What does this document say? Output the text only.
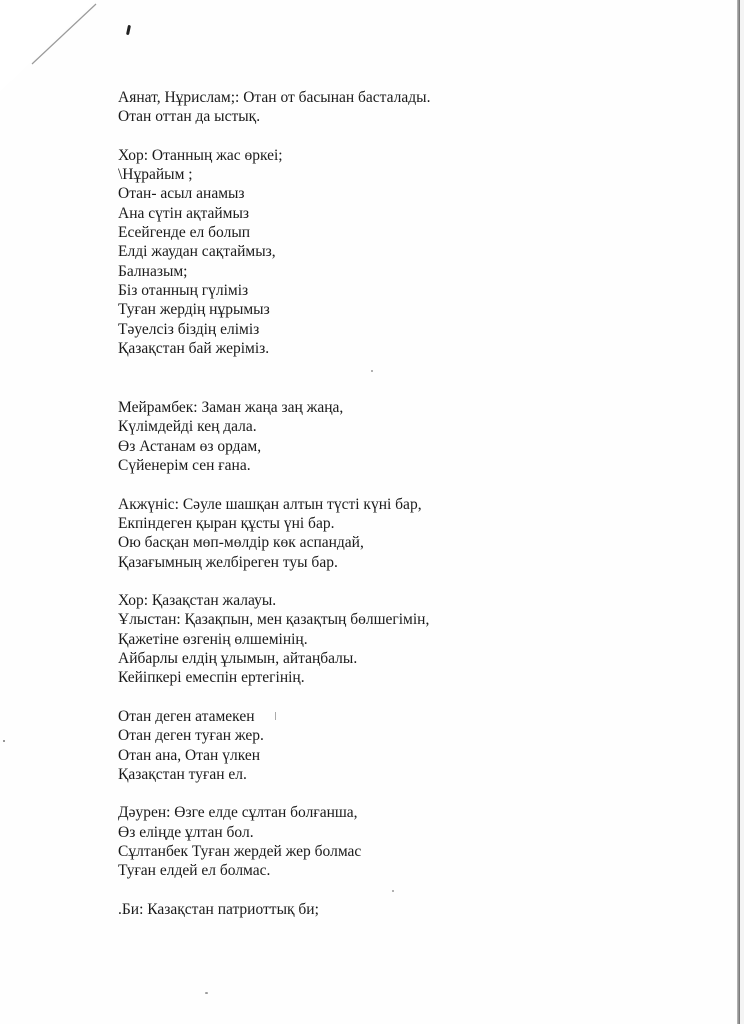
Аянат, Нұрислам;: Отан от басынан басталады.
Отан оттан да ыстық.
Хор: Отанның жас өркеі;
\Нұрайым ;
Отан- асыл анамыз
Ана сүтін ақтаймыз
Есейгенде ел болып
Елді жаудан сақтаймыз,
Балназым;
Біз отанның гүліміз
Туған жердің нұрымыз
Тәуелсіз біздің еліміз
Қазақстан бай жеріміз.
Мейрамбек: Заман жаңа заң жаңа,
Күлімдейді кең дала.
Өз Астанам өз ордам,
Сүйенерім сен ғана.
Акжүніс: Сәуле шашқан алтын түсті күні бар,
Екпіндеген қыран құсты үні бар.
Ою басқан мөп-мөлдір көк аспандай,
Қазағымның желбіреген туы бар.
Хор: Қазақстан жалауы.
Ұлыстан: Қазақпын, мен қазақтың бөлшегімін,
Қажетіне өзгенің өлшемінің.
Айбарлы елдің ұлымын, айтаңбалы.
Кейіпкері емеспін ертегінің.
Отан деген атамекен
Отан деген туған жер.
Отан ана, Отан үлкен
Қазақстан туған ел.
Дәурен: Өзге елде сұлтан болғанша,
Өз еліңде ұлтан бол.
Сұлтанбек Туған жердей жер болмас
Туған елдей ел болмас.
.Би: Казақстан патриоттық би;
